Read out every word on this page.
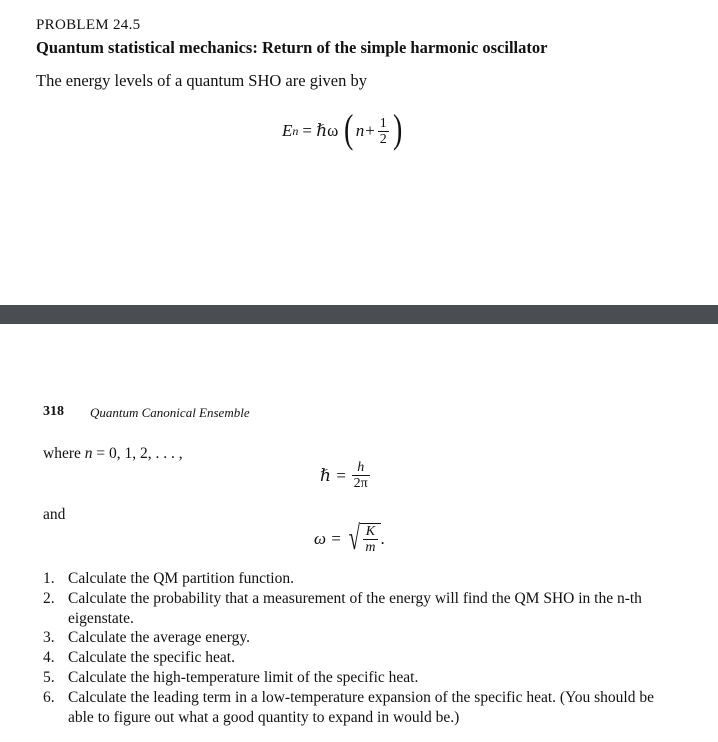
PROBLEM 24.5
Quantum statistical mechanics: Return of the simple harmonic oscillator
The energy levels of a quantum SHO are given by
E n = ℏω ( $n + \frac{1}{2}$ )
318 Quantum Canonical Ensemble
where n = 0, 1, 2, . . . ,
ℏ = $\frac{h}{2\pi}$
and
ω = √ $\frac{K}{m}$ .
1. Calculate the QM partition function.
2. Calculate the probability that a measurement of the energy will find the QM SHO in the n-th eigenstate.
3. Calculate the average energy.
4. Calculate the specific heat.
5. Calculate the high-temperature limit of the specific heat.
6. Calculate the leading term in a low-temperature expansion of the specific heat. (You should be able to figure out what a good quantity to expand in would be.)
